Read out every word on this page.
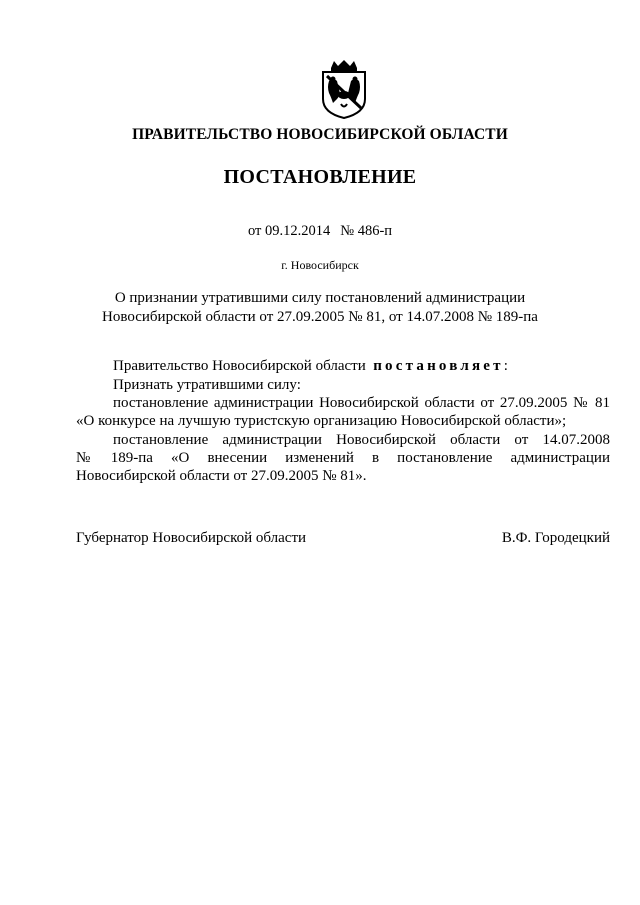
ПРАВИТЕЛЬСТВО НОВОСИБИРСКОЙ ОБЛАСТИ
ПОСТАНОВЛЕНИЕ
от 09.12.2014 № 486-п
г. Новосибирск
О признании утратившими силу постановлений администрации
Новосибирской области от 27.09.2005 № 81, от 14.07.2008 № 189-па
Правительство Новосибирской области постановляет:
Признать утратившими силу:
постановление администрации Новосибирской области от 27.09.2005 № 81
«О конкурсе на лучшую туристскую организацию Новосибирской области»;
постановление администрации Новосибирской области от 14.07.2008
№ 189-па «О внесении изменений в постановление администрации
Новосибирской области от 27.09.2005 № 81».
Губернатор Новосибирской области	В.Ф. Городецкий
